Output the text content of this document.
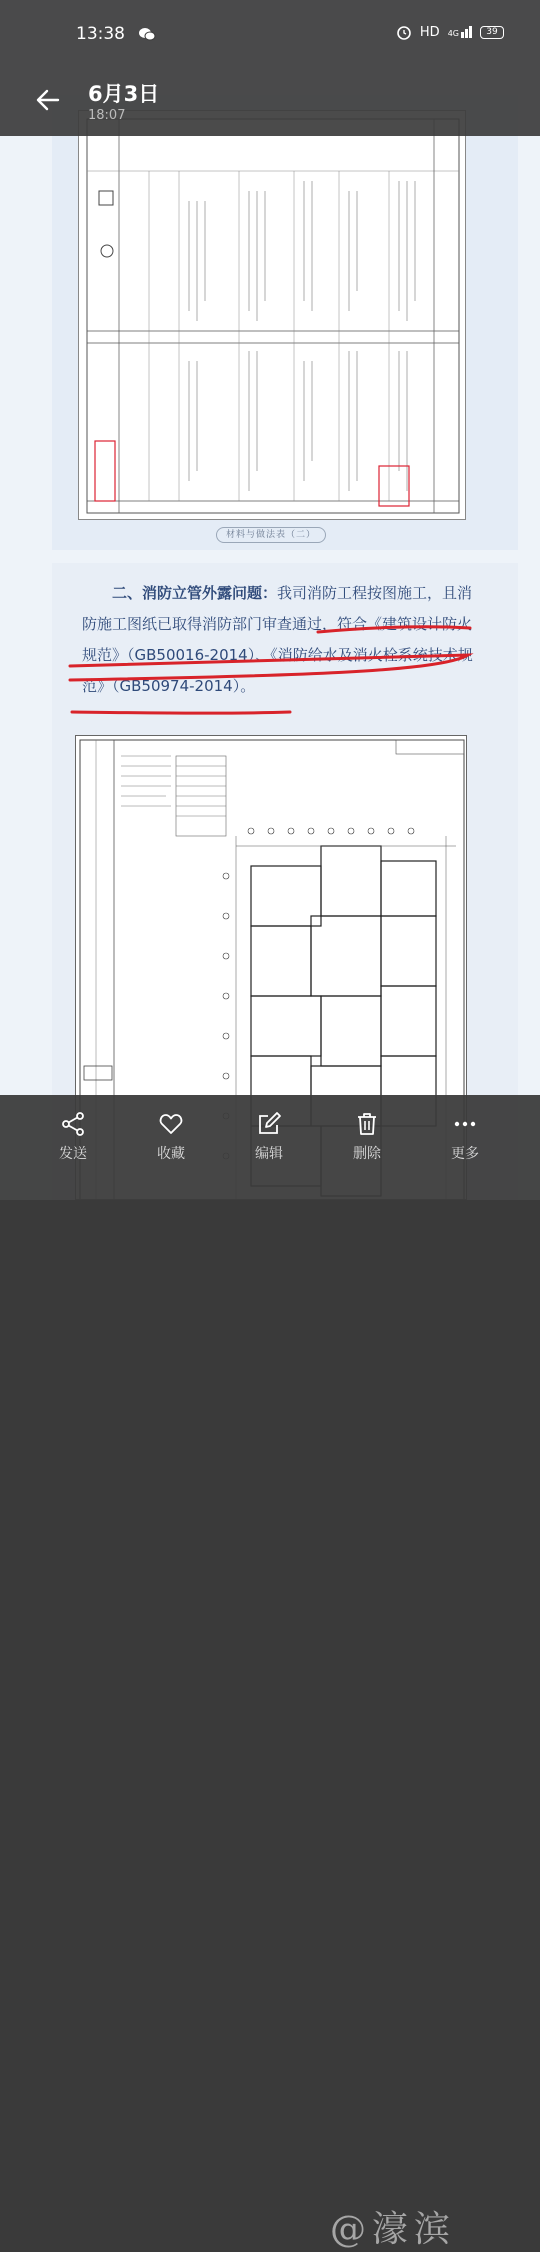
材料与做法表（二）
二、消防立管外露问题：我司消防工程按图施工，且消防施工图纸已取得消防部门审查通过，符合《建筑设计防火规范》（GB50016-2014）、《消防给水及消火栓系统技术规范》（GB50974-2014）。
13:38	HD 4G	39
6月3日
18:07
发送	收藏	编辑	删除	更多
@濠滨
